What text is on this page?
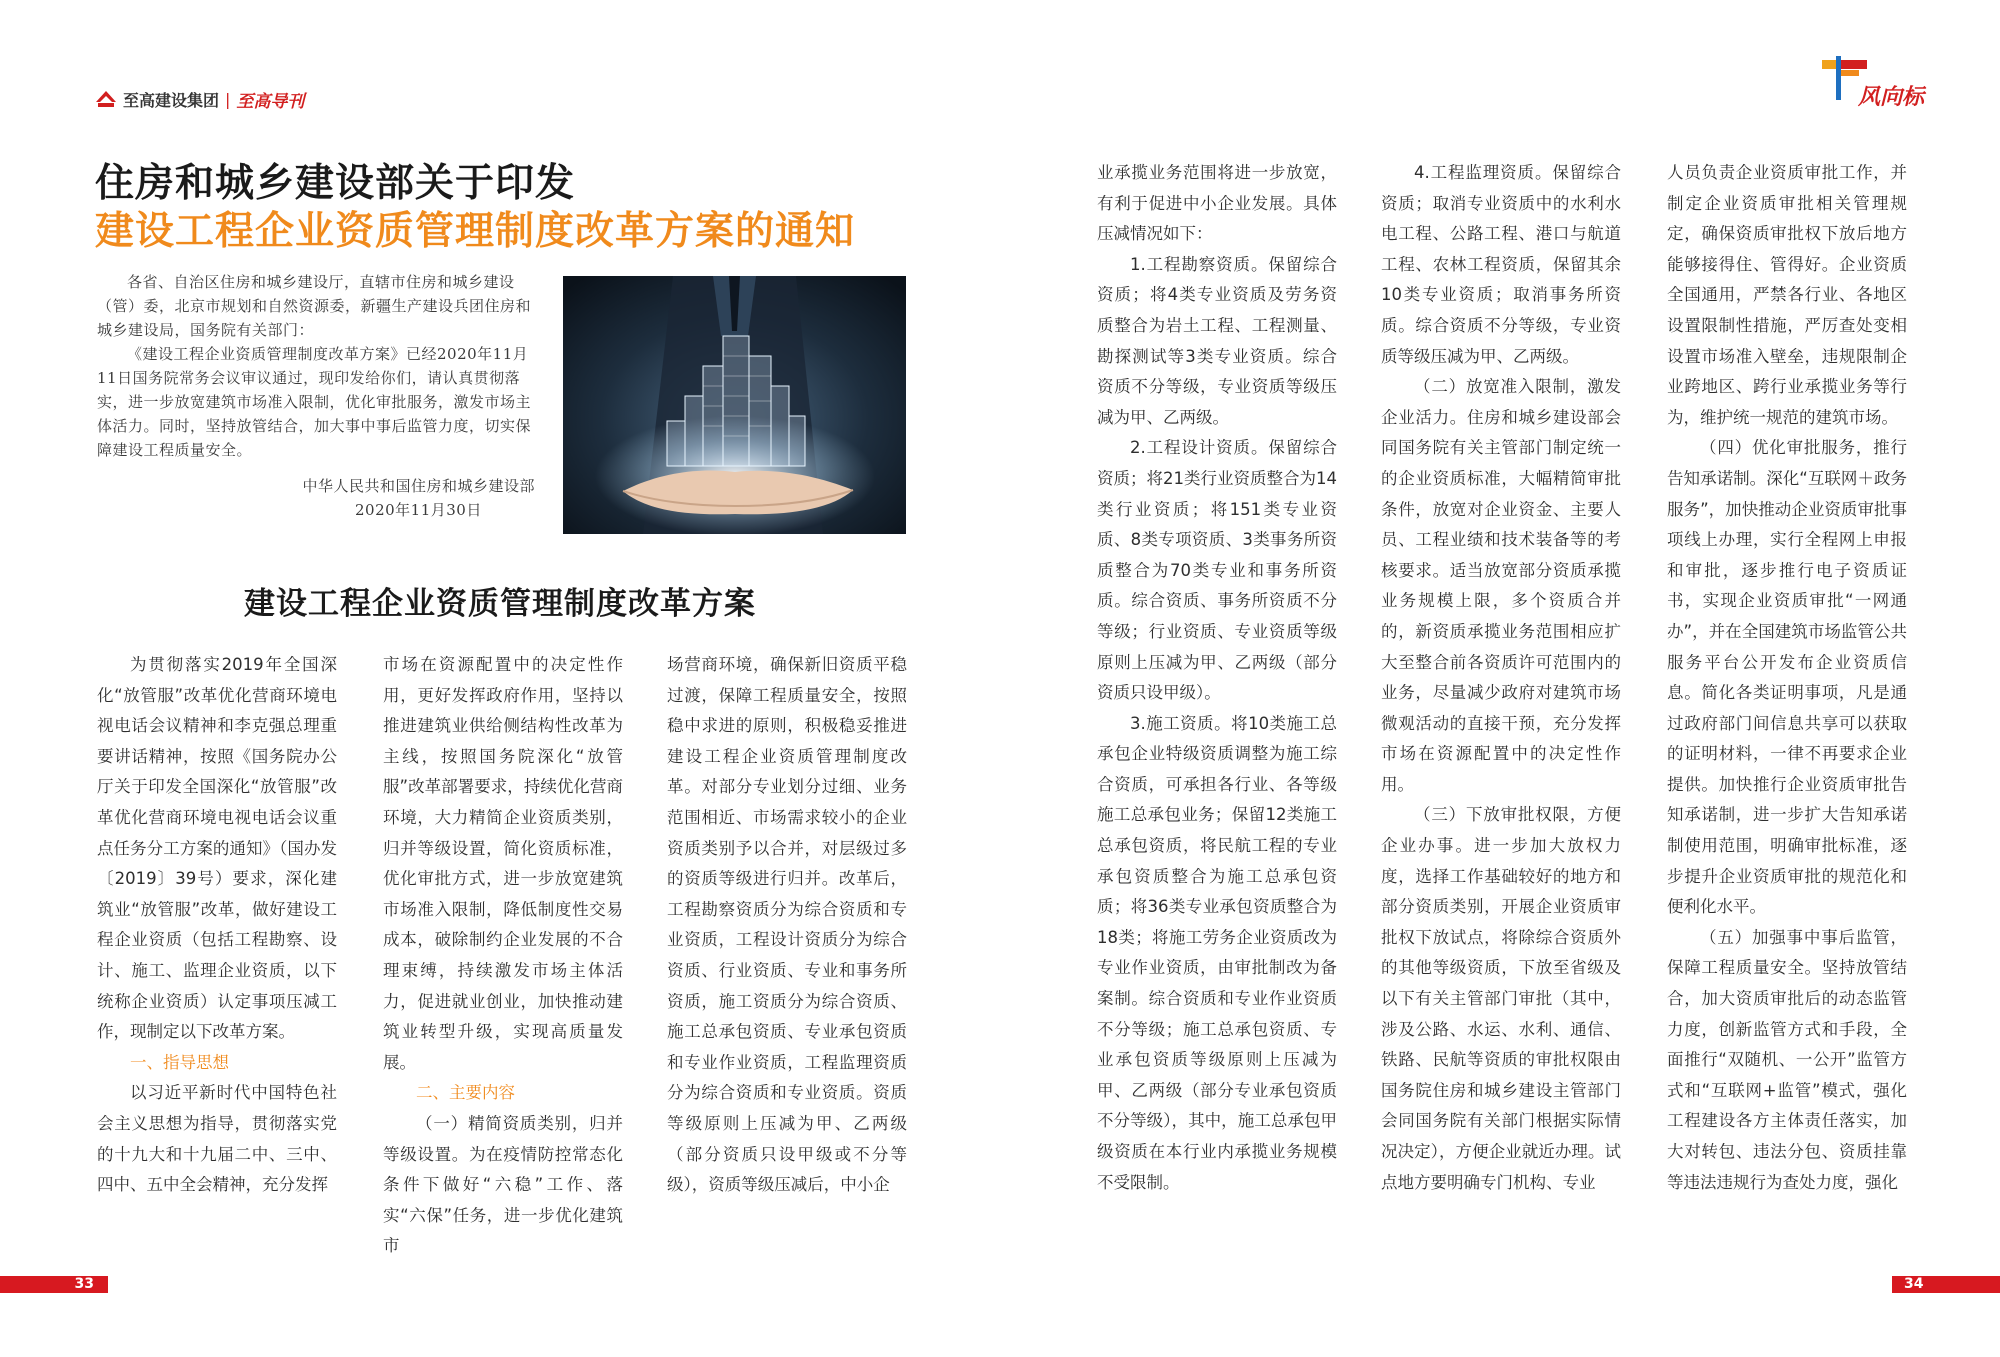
至高建设集团 | 至高导刊	风向标
住房和城乡建设部关于印发
建设工程企业资质管理制度改革方案的通知

各省、自治区住房和城乡建设厅，直辖市住房和城乡建设（管）委，北京市规划和自然资源委，新疆生产建设兵团住房和城乡建设局，国务院有关部门：

《建设工程企业资质管理制度改革方案》已经2020年11月11日国务院常务会议审议通过，现印发给你们，请认真贯彻落实，进一步放宽建筑市场准入限制，优化审批服务，激发市场主体活力。同时，坚持放管结合，加大事中事后监管力度，切实保障建设工程质量安全。

中华人民共和国住房和城乡建设部

2020年11月30日

建设工程企业资质管理制度改革方案

为贯彻落实2019年全国深化“放管服”改革优化营商环境电视电话会议精神和李克强总理重要讲话精神，按照《国务院办公厅关于印发全国深化“放管服”改革优化营商环境电视电话会议重点任务分工方案的通知》（国办发〔2019〕39号）要求，深化建筑业“放管服”改革，做好建设工程企业资质（包括工程勘察、设计、施工、监理企业资质，以下统称企业资质）认定事项压减工作，现制定以下改革方案。

一、指导思想

以习近平新时代中国特色社会主义思想为指导，贯彻落实党的十九大和十九届二中、三中、四中、五中全会精神，充分发挥

市场在资源配置中的决定性作用，更好发挥政府作用，坚持以推进建筑业供给侧结构性改革为主线，按照国务院深化“放管服”改革部署要求，持续优化营商环境，大力精简企业资质类别，归并等级设置，简化资质标准，优化审批方式，进一步放宽建筑市场准入限制，降低制度性交易成本，破除制约企业发展的不合理束缚，持续激发市场主体活力，促进就业创业，加快推动建筑业转型升级，实现高质量发展。

二、主要内容

（一）精简资质类别，归并等级设置。为在疫情防控常态化条件下做好“六稳”工作、落实“六保”任务，进一步优化建筑市

场营商环境，确保新旧资质平稳过渡，保障工程质量安全，按照稳中求进的原则，积极稳妥推进建设工程企业资质管理制度改革。对部分专业划分过细、业务范围相近、市场需求较小的企业资质类别予以合并，对层级过多的资质等级进行归并。改革后，工程勘察资质分为综合资质和专业资质，工程设计资质分为综合资质、行业资质、专业和事务所资质，施工资质分为综合资质、施工总承包资质、专业承包资质和专业作业资质，工程监理资质分为综合资质和专业资质。资质等级原则上压减为甲、乙两级（部分资质只设甲级或不分等级），资质等级压减后，中小企

业承揽业务范围将进一步放宽，有利于促进中小企业发展。具体压减情况如下：

1.工程勘察资质。保留综合资质；将4类专业资质及劳务资质整合为岩土工程、工程测量、勘探测试等3类专业资质。综合资质不分等级，专业资质等级压减为甲、乙两级。

2.工程设计资质。保留综合资质；将21类行业资质整合为14类行业资质；将151类专业资质、8类专项资质、3类事务所资质整合为70类专业和事务所资质。综合资质、事务所资质不分等级；行业资质、专业资质等级原则上压减为甲、乙两级（部分资质只设甲级）。

3.施工资质。将10类施工总承包企业特级资质调整为施工综合资质，可承担各行业、各等级施工总承包业务；保留12类施工总承包资质，将民航工程的专业承包资质整合为施工总承包资质；将36类专业承包资质整合为18类；将施工劳务企业资质改为专业作业资质，由审批制改为备案制。综合资质和专业作业资质不分等级；施工总承包资质、专业承包资质等级原则上压减为甲、乙两级（部分专业承包资质不分等级），其中，施工总承包甲级资质在本行业内承揽业务规模不受限制。

4.工程监理资质。保留综合资质；取消专业资质中的水利水电工程、公路工程、港口与航道工程、农林工程资质，保留其余10类专业资质；取消事务所资质。综合资质不分等级，专业资质等级压减为甲、乙两级。

（二）放宽准入限制，激发企业活力。住房和城乡建设部会同国务院有关主管部门制定统一的企业资质标准，大幅精简审批条件，放宽对企业资金、主要人员、工程业绩和技术装备等的考核要求。适当放宽部分资质承揽业务规模上限，多个资质合并的，新资质承揽业务范围相应扩大至整合前各资质许可范围内的业务，尽量减少政府对建筑市场微观活动的直接干预，充分发挥市场在资源配置中的决定性作用。

（三）下放审批权限，方便企业办事。进一步加大放权力度，选择工作基础较好的地方和部分资质类别，开展企业资质审批权下放试点，将除综合资质外的其他等级资质，下放至省级及以下有关主管部门审批（其中，涉及公路、水运、水利、通信、铁路、民航等资质的审批权限由国务院住房和城乡建设主管部门会同国务院有关部门根据实际情况决定），方便企业就近办理。试点地方要明确专门机构、专业

人员负责企业资质审批工作，并制定企业资质审批相关管理规定，确保资质审批权下放后地方能够接得住、管得好。企业资质全国通用，严禁各行业、各地区设置限制性措施，严厉查处变相设置市场准入壁垒，违规限制企业跨地区、跨行业承揽业务等行为，维护统一规范的建筑市场。

（四）优化审批服务，推行告知承诺制。深化“互联网＋政务服务”，加快推动企业资质审批事项线上办理，实行全程网上申报和审批，逐步推行电子资质证书，实现企业资质审批“一网通办”，并在全国建筑市场监管公共服务平台公开发布企业资质信息。简化各类证明事项，凡是通过政府部门间信息共享可以获取的证明材料，一律不再要求企业提供。加快推行企业资质审批告知承诺制，进一步扩大告知承诺制使用范围，明确审批标准，逐步提升企业资质审批的规范化和便利化水平。

（五）加强事中事后监管，保障工程质量安全。坚持放管结合，加大资质审批后的动态监管力度，创新监管方式和手段，全面推行“双随机、一公开”监管方式和“互联网+监管”模式，强化工程建设各方主体责任落实，加大对转包、违法分包、资质挂靠等违法违规行为查处力度，强化

33	34
